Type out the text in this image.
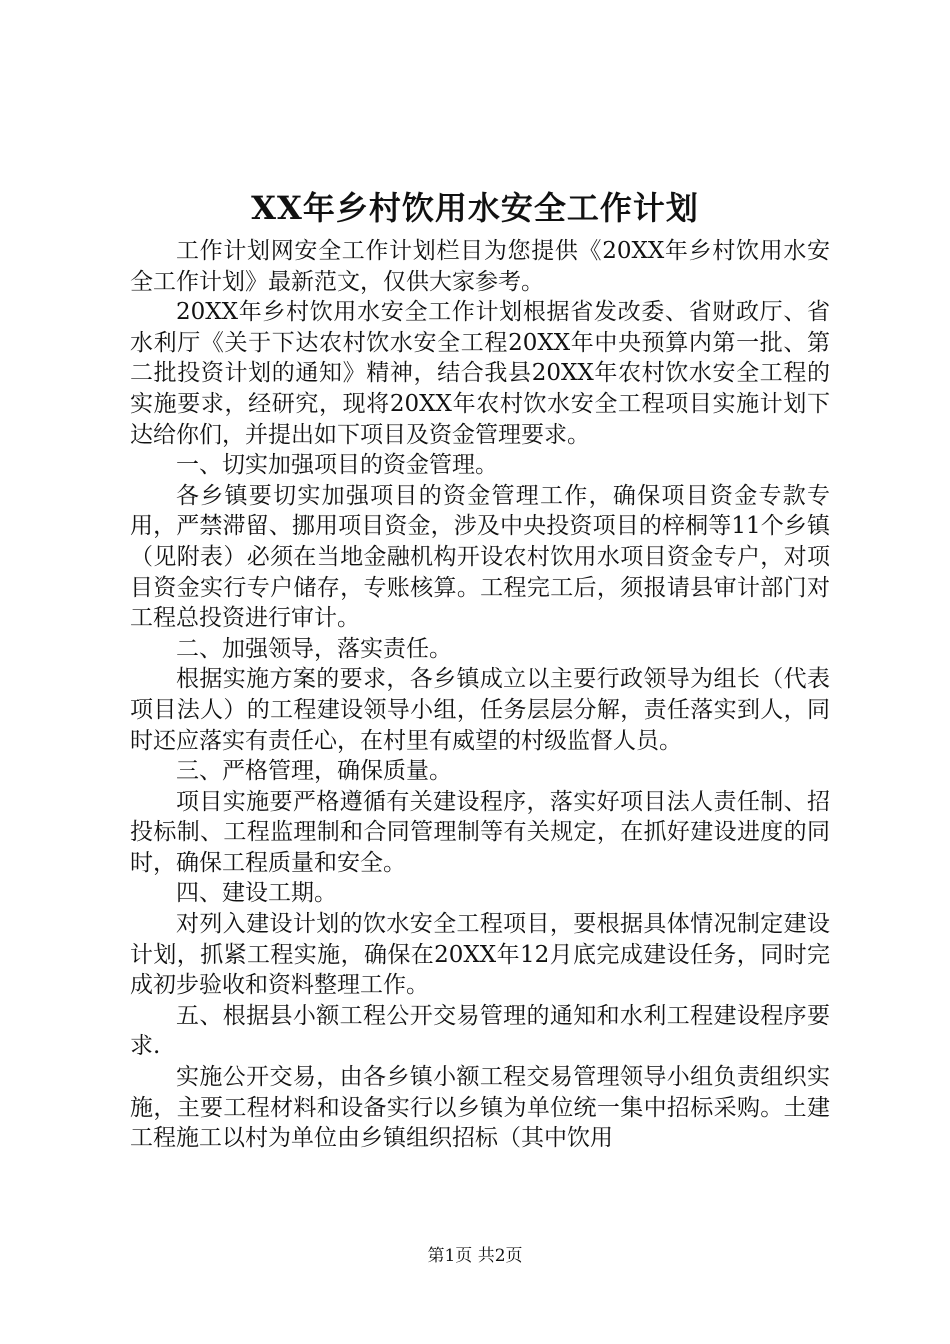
XX年乡村饮用水安全工作计划

工作计划网安全工作计划栏目为您提供《20XX年乡村饮用水安全工作计划》最新范文，仅供大家参考。

20XX年乡村饮用水安全工作计划根据省发改委、省财政厅、省水利厅《关于下达农村饮水安全工程20XX年中央预算内第一批、第二批投资计划的通知》精神，结合我县20XX年农村饮水安全工程的实施要求，经研究，现将20XX年农村饮水安全工程项目实施计划下达给你们，并提出如下项目及资金管理要求。

一、切实加强项目的资金管理。

各乡镇要切实加强项目的资金管理工作，确保项目资金专款专用，严禁滞留、挪用项目资金，涉及中央投资项目的梓桐等11个乡镇（见附表）必须在当地金融机构开设农村饮用水项目资金专户，对项目资金实行专户储存，专账核算。工程完工后，须报请县审计部门对工程总投资进行审计。

二、加强领导，落实责任。

根据实施方案的要求，各乡镇成立以主要行政领导为组长（代表项目法人）的工程建设领导小组，任务层层分解，责任落实到人，同时还应落实有责任心，在村里有威望的村级监督人员。

三、严格管理，确保质量。

项目实施要严格遵循有关建设程序，落实好项目法人责任制、招投标制、工程监理制和合同管理制等有关规定，在抓好建设进度的同时，确保工程质量和安全。

四、建设工期。

对列入建设计划的饮水安全工程项目，要根据具体情况制定建设计划，抓紧工程实施，确保在20XX年12月底完成建设任务，同时完成初步验收和资料整理工作。

五、根据县小额工程公开交易管理的通知和水利工程建设程序要求.

实施公开交易，由各乡镇小额工程交易管理领导小组负责组织实施，主要工程材料和设备实行以乡镇为单位统一集中招标采购。土建工程施工以村为单位由乡镇组织招标（其中饮用

第1页 共2页
